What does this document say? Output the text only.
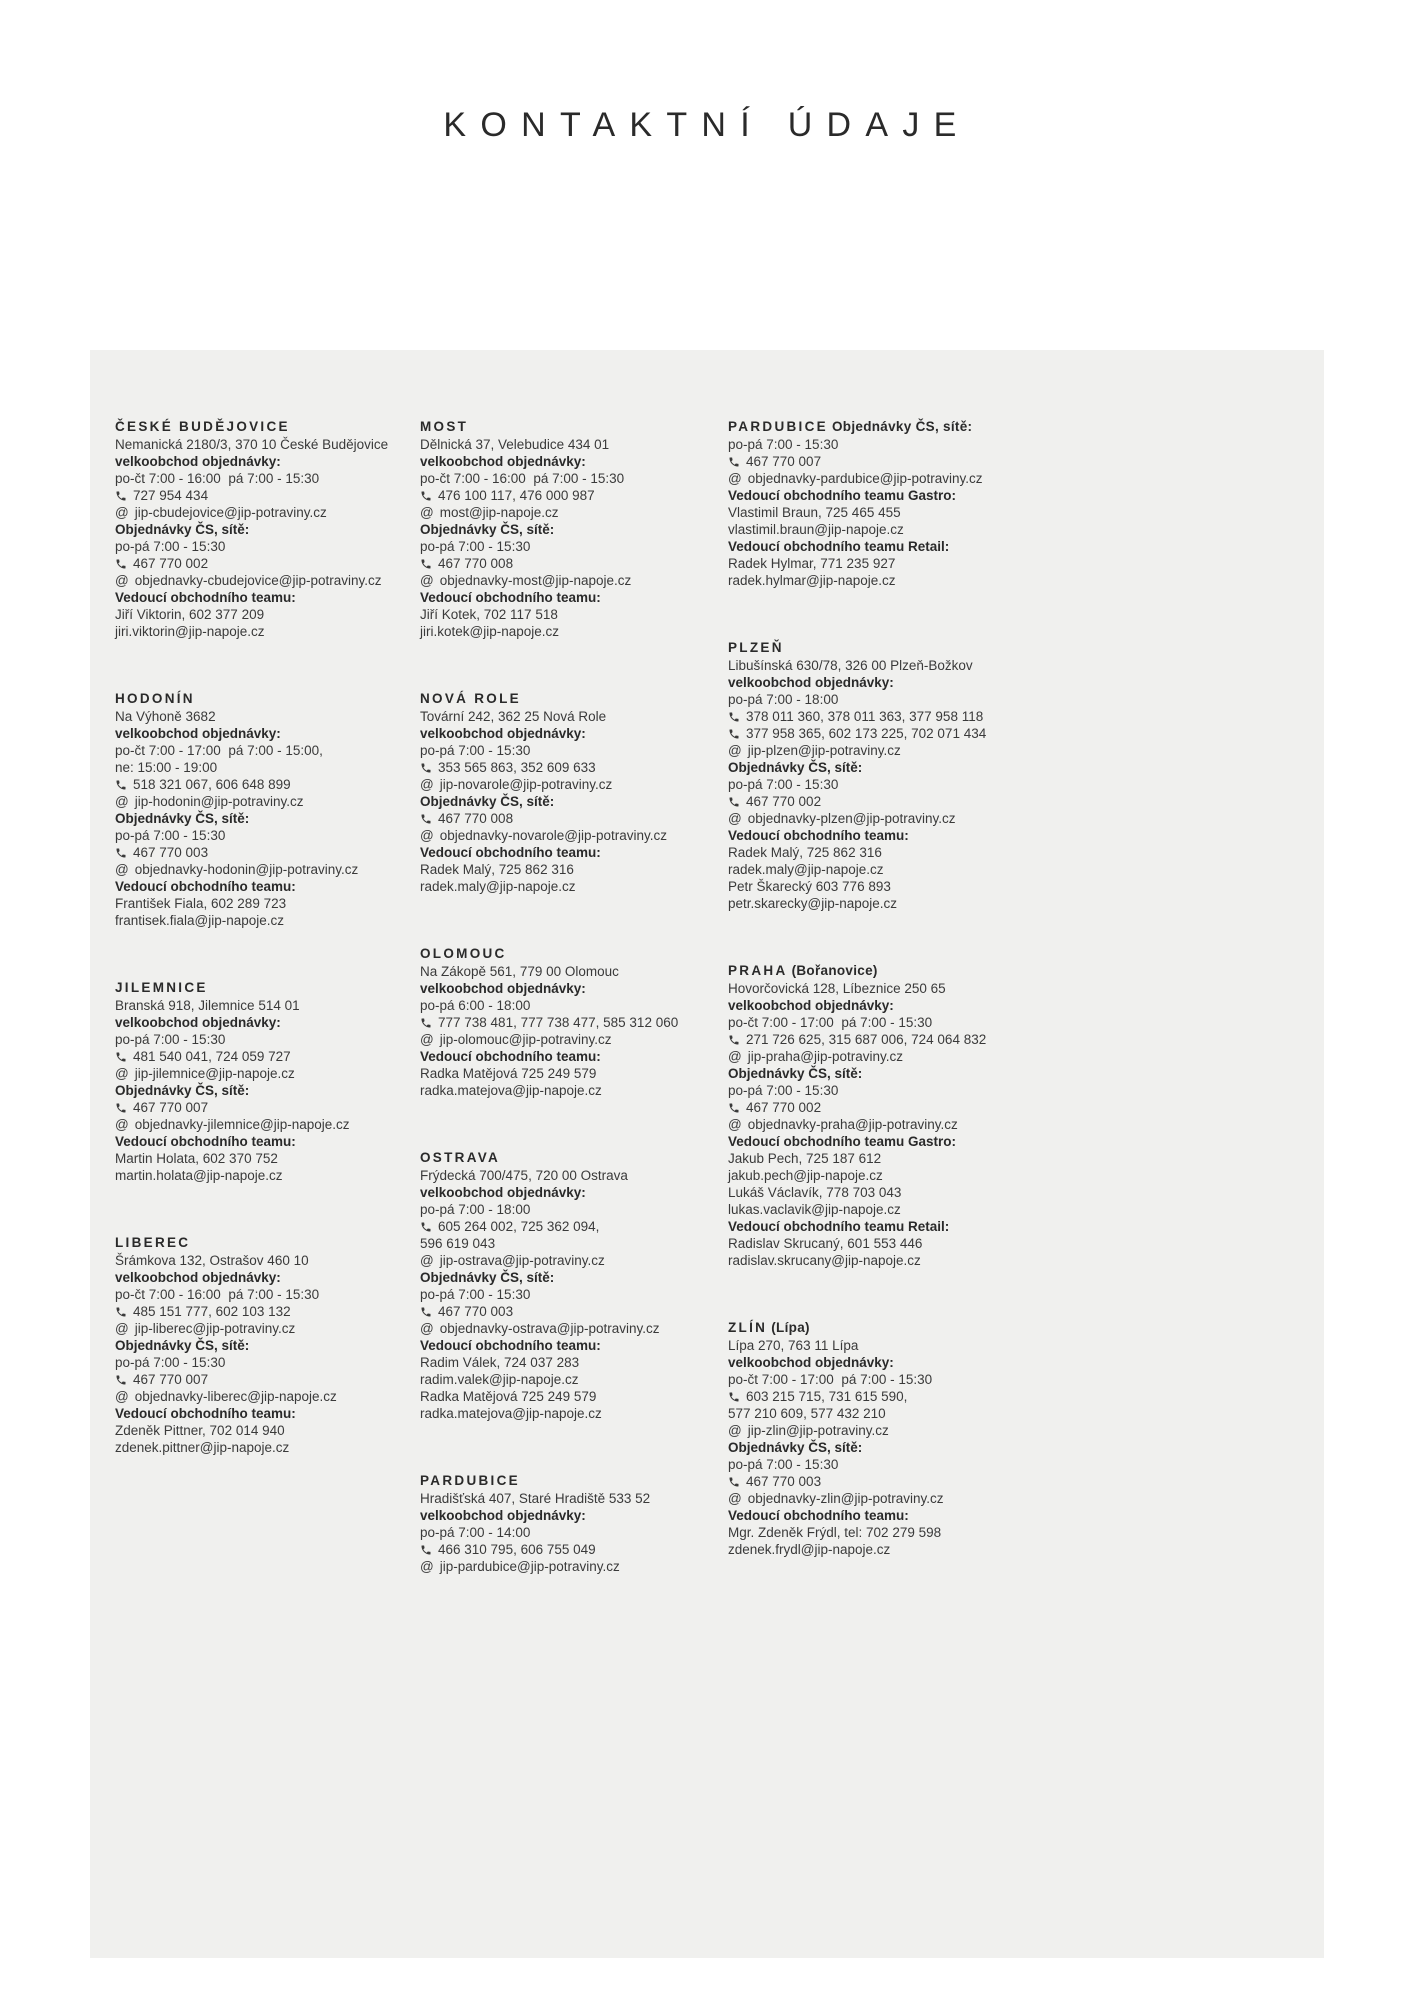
KONTAKTNÍ ÚDAJE
ČESKÉ BUDĚJOVICE
Nemanická 2180/3, 370 10 České Budějovice
velkoobchod objednávky:
po-čt 7:00 - 16:00  pá 7:00 - 15:30
727 954 434
@ jip-cbudejovice@jip-potraviny.cz
Objednávky ČS, sítě:
po-pá 7:00 - 15:30
467 770 002
@ objednavky-cbudejovice@jip-potraviny.cz
Vedoucí obchodního teamu:
Jiří Viktorin, 602 377 209
jiri.viktorin@jip-napoje.cz
HODONÍN
Na Výhoně 3682
velkoobchod objednávky:
po-čt 7:00 - 17:00  pá 7:00 - 15:00,
ne: 15:00 - 19:00
518 321 067, 606 648 899
@ jip-hodonin@jip-potraviny.cz
Objednávky ČS, sítě:
po-pá 7:00 - 15:30
467 770 003
@ objednavky-hodonin@jip-potraviny.cz
Vedoucí obchodního teamu:
František Fiala, 602 289 723
frantisek.fiala@jip-napoje.cz
JILEMNICE
Branská 918, Jilemnice 514 01
velkoobchod objednávky:
po-pá 7:00 - 15:30
481 540 041, 724 059 727
@ jip-jilemnice@jip-napoje.cz
Objednávky ČS, sítě:
467 770 007
@ objednavky-jilemnice@jip-napoje.cz
Vedoucí obchodního teamu:
Martin Holata, 602 370 752
martin.holata@jip-napoje.cz
LIBEREC
Šrámkova 132, Ostrašov 460 10
velkoobchod objednávky:
po-čt 7:00 - 16:00  pá 7:00 - 15:30
485 151 777, 602 103 132
@ jip-liberec@jip-potraviny.cz
Objednávky ČS, sítě:
po-pá 7:00 - 15:30
467 770 007
@ objednavky-liberec@jip-napoje.cz
Vedoucí obchodního teamu:
Zdeněk Pittner, 702 014 940
zdenek.pittner@jip-napoje.cz
MOST
Dělnická 37, Velebudice 434 01
velkoobchod objednávky:
po-čt 7:00 - 16:00  pá 7:00 - 15:30
476 100 117, 476 000 987
@ most@jip-napoje.cz
Objednávky ČS, sítě:
po-pá 7:00 - 15:30
467 770 008
@ objednavky-most@jip-napoje.cz
Vedoucí obchodního teamu:
Jiří Kotek, 702 117 518
jiri.kotek@jip-napoje.cz
NOVÁ ROLE
Tovární 242, 362 25 Nová Role
velkoobchod objednávky:
po-pá 7:00 - 15:30
353 565 863, 352 609 633
@ jip-novarole@jip-potraviny.cz
Objednávky ČS, sítě:
467 770 008
@ objednavky-novarole@jip-potraviny.cz
Vedoucí obchodního teamu:
Radek Malý, 725 862 316
radek.maly@jip-napoje.cz
OLOMOUC
Na Zákopě 561, 779 00 Olomouc
velkoobchod objednávky:
po-pá 6:00 - 18:00
777 738 481, 777 738 477, 585 312 060
@ jip-olomouc@jip-potraviny.cz
Vedoucí obchodního teamu:
Radka Matějová 725 249 579
radka.matejova@jip-napoje.cz
OSTRAVA
Frýdecká 700/475, 720 00 Ostrava
velkoobchod objednávky:
po-pá 7:00 - 18:00
605 264 002, 725 362 094,
596 619 043
@ jip-ostrava@jip-potraviny.cz
Objednávky ČS, sítě:
po-pá 7:00 - 15:30
467 770 003
@ objednavky-ostrava@jip-potraviny.cz
Vedoucí obchodního teamu:
Radim Válek, 724 037 283
radim.valek@jip-napoje.cz
Radka Matějová 725 249 579
radka.matejova@jip-napoje.cz
PARDUBICE
Hradišťská 407, Staré Hradiště 533 52
velkoobchod objednávky:
po-pá 7:00 - 14:00
466 310 795, 606 755 049
@ jip-pardubice@jip-potraviny.cz
PARDUBICE Objednávky ČS, sítě:
po-pá 7:00 - 15:30
467 770 007
@ objednavky-pardubice@jip-potraviny.cz
Vedoucí obchodního teamu Gastro:
Vlastimil Braun, 725 465 455
vlastimil.braun@jip-napoje.cz
Vedoucí obchodního teamu Retail:
Radek Hylmar, 771 235 927
radek.hylmar@jip-napoje.cz
PLZEŇ
Libušínská 630/78, 326 00 Plzeň-Božkov
velkoobchod objednávky:
po-pá 7:00 - 18:00
378 011 360, 378 011 363, 377 958 118
377 958 365, 602 173 225, 702 071 434
@ jip-plzen@jip-potraviny.cz
Objednávky ČS, sítě:
po-pá 7:00 - 15:30
467 770 002
@ objednavky-plzen@jip-potraviny.cz
Vedoucí obchodního teamu:
Radek Malý, 725 862 316
radek.maly@jip-napoje.cz
Petr Škarecký 603 776 893
petr.skarecky@jip-napoje.cz
PRAHA (Bořanovice)
Hovorčovická 128, Líbeznice 250 65
velkoobchod objednávky:
po-čt 7:00 - 17:00  pá 7:00 - 15:30
271 726 625, 315 687 006, 724 064 832
@ jip-praha@jip-potraviny.cz
Objednávky ČS, sítě:
po-pá 7:00 - 15:30
467 770 002
@ objednavky-praha@jip-potraviny.cz
Vedoucí obchodního teamu Gastro:
Jakub Pech, 725 187 612
jakub.pech@jip-napoje.cz
Lukáš Václavík, 778 703 043
lukas.vaclavik@jip-napoje.cz
Vedoucí obchodního teamu Retail:
Radislav Skrucaný, 601 553 446
radislav.skrucany@jip-napoje.cz
ZLÍN (Lípa)
Lípa 270, 763 11 Lípa
velkoobchod objednávky:
po-čt 7:00 - 17:00  pá 7:00 - 15:30
603 215 715, 731 615 590,
577 210 609, 577 432 210
@ jip-zlin@jip-potraviny.cz
Objednávky ČS, sítě:
po-pá 7:00 - 15:30
467 770 003
@ objednavky-zlin@jip-potraviny.cz
Vedoucí obchodního teamu:
Mgr. Zdeněk Frýdl, tel: 702 279 598
zdenek.frydl@jip-napoje.cz
